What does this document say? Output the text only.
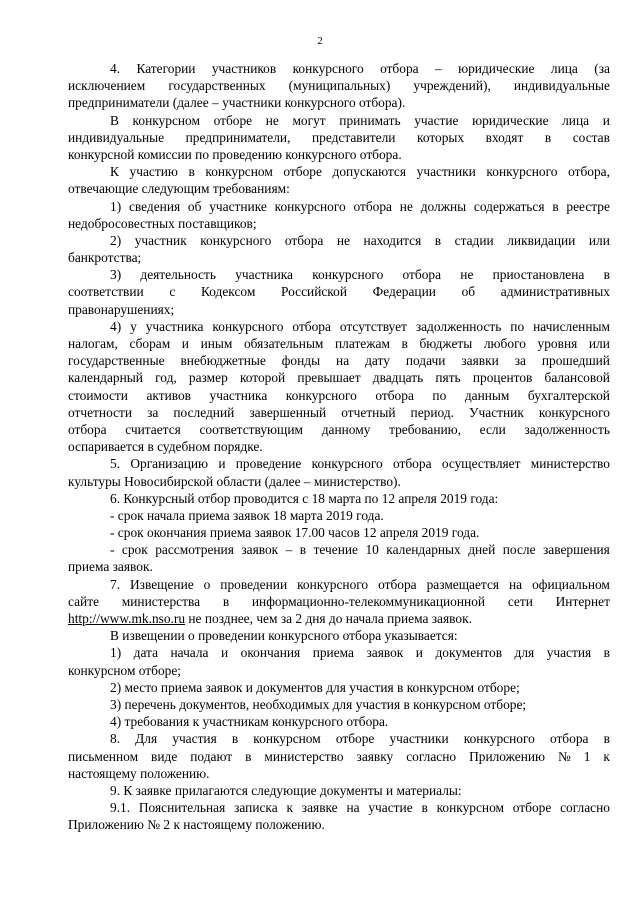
2
4. Категории участников конкурсного отбора – юридические лица (за
исключением государственных (муниципальных) учреждений), индивидуальные
предприниматели (далее – участники конкурсного отбора).
В конкурсном отборе не могут принимать участие юридические лица и
индивидуальные предприниматели, представители которых входят в состав
конкурсной комиссии по проведению конкурсного отбора.
К участию в конкурсном отборе допускаются участники конкурсного отбора,
отвечающие следующим требованиям:
1) сведения об участнике конкурсного отбора не должны содержаться в реестре
недобросовестных поставщиков;
2) участник конкурсного отбора не находится в стадии ликвидации или
банкротства;
3) деятельность участника конкурсного отбора не приостановлена в
соответствии с Кодексом Российской Федерации об административных
правонарушениях;
4) у участника конкурсного отбора отсутствует задолженность по начисленным
налогам, сборам и иным обязательным платежам в бюджеты любого уровня или
государственные внебюджетные фонды на дату подачи заявки за прошедший
календарный год, размер которой превышает двадцать пять процентов балансовой
стоимости активов участника конкурсного отбора по данным бухгалтерской
отчетности за последний завершенный отчетный период. Участник конкурсного
отбора считается соответствующим данному требованию, если задолженность
оспаривается в судебном порядке.
5. Организацию и проведение конкурсного отбора осуществляет министерство
культуры Новосибирской области (далее – министерство).
6. Конкурсный отбор проводится с 18 марта по 12 апреля 2019 года:
- срок начала приема заявок 18 марта 2019 года.
- срок окончания приема заявок 17.00 часов 12 апреля 2019 года.
- срок рассмотрения заявок – в течение 10 календарных дней после завершения
приема заявок.
7. Извещение о проведении конкурсного отбора размещается на официальном
сайте министерства в информационно-телекоммуникационной сети Интернет
http://www.mk.nso.ru не позднее, чем за 2 дня до начала приема заявок.
В извещении о проведении конкурсного отбора указывается:
1) дата начала и окончания приема заявок и документов для участия в
конкурсном отборе;
2) место приема заявок и документов для участия в конкурсном отборе;
3) перечень документов, необходимых для участия в конкурсном отборе;
4) требования к участникам конкурсного отбора.
8. Для участия в конкурсном отборе участники конкурсного отбора в
письменном виде подают в министерство заявку согласно Приложению № 1 к
настоящему положению.
9. К заявке прилагаются следующие документы и материалы:
9.1. Пояснительная записка к заявке на участие в конкурсном отборе согласно
Приложению № 2 к настоящему положению.
